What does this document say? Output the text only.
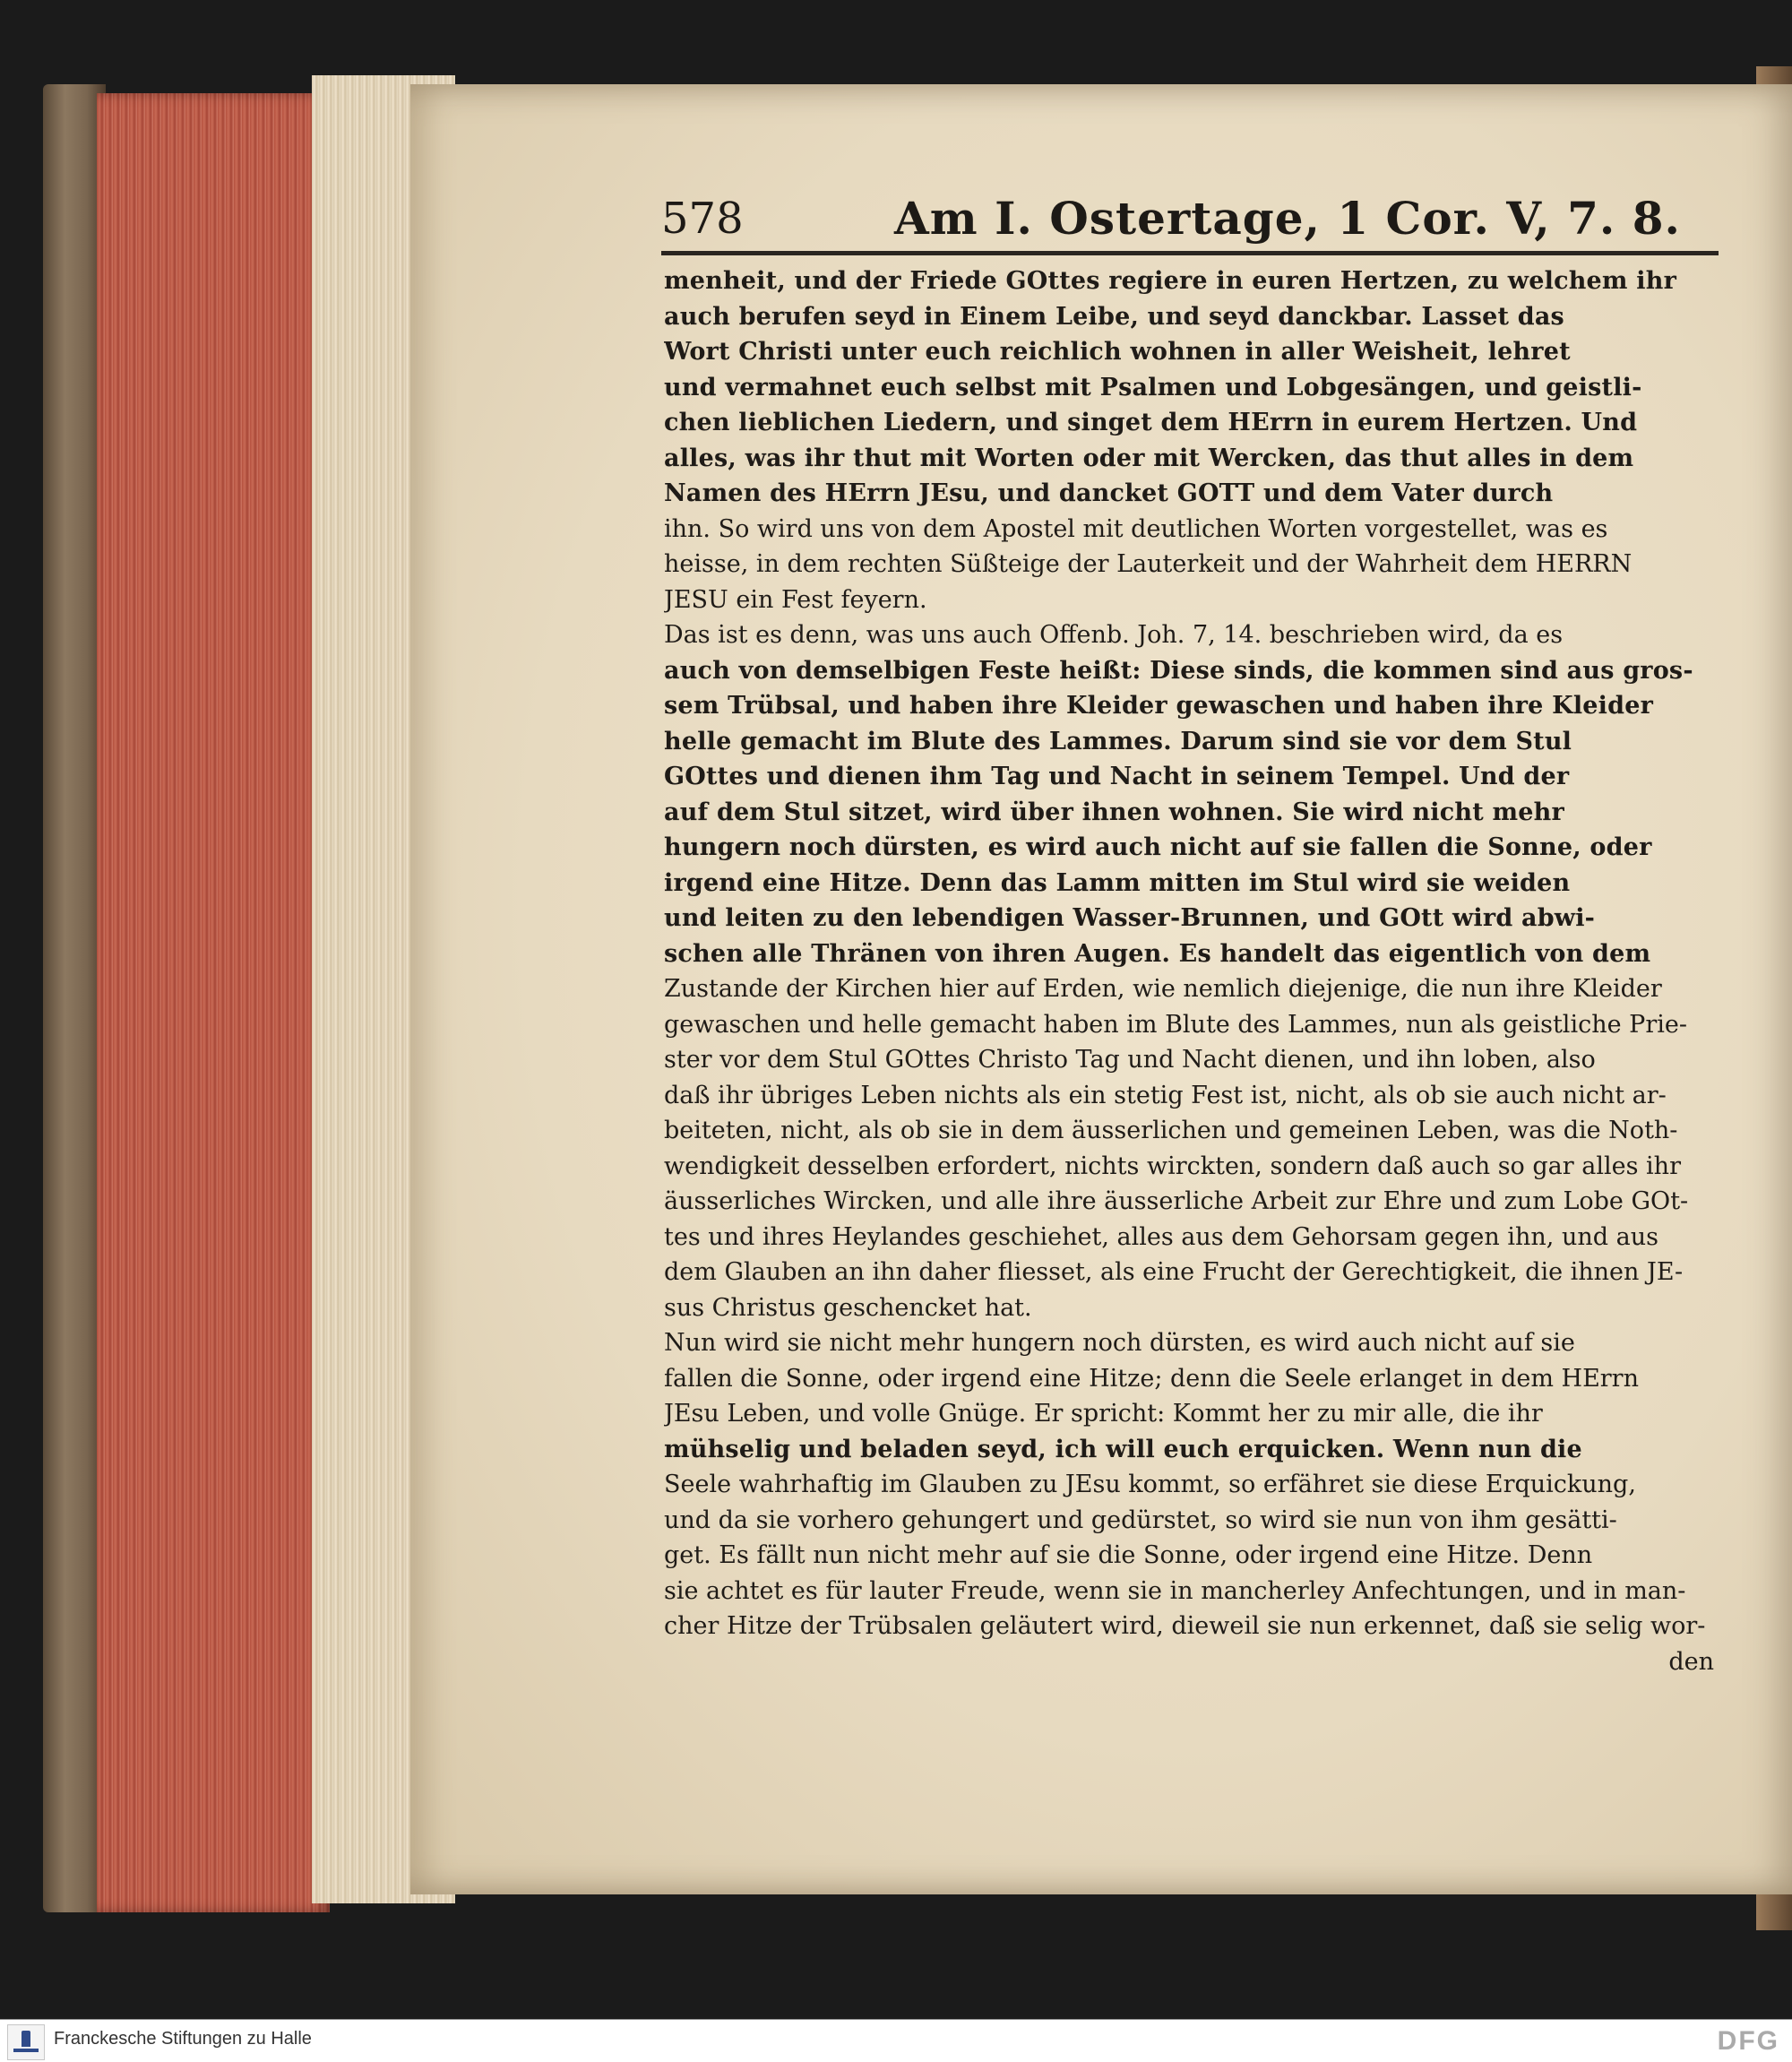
578	Am I. Ostertage, 1 Cor. V, 7. 8.
menheit, und der Friede GOttes regiere in euren Hertzen, zu welchem ihr
auch berufen seyd in Einem Leibe, und seyd danckbar. Lasset das
Wort Christi unter euch reichlich wohnen in aller Weisheit, lehret
und vermahnet euch selbst mit Psalmen und Lobgesängen, und geistli-
chen lieblichen Liedern, und singet dem HErrn in eurem Hertzen. Und
alles, was ihr thut mit Worten oder mit Wercken, das thut alles in dem
Namen des HErrn JEsu, und dancket GOTT und dem Vater durch
ihn. So wird uns von dem Apostel mit deutlichen Worten vorgestellet, was es
heisse, in dem rechten Süßteige der Lauterkeit und der Wahrheit dem HERRN
JESU ein Fest feyern.
Das ist es denn, was uns auch Offenb. Joh. 7, 14. beschrieben wird, da es
auch von demselbigen Feste heißt: Diese sinds, die kommen sind aus gros-
sem Trübsal, und haben ihre Kleider gewaschen und haben ihre Kleider
helle gemacht im Blute des Lammes. Darum sind sie vor dem Stul
GOttes und dienen ihm Tag und Nacht in seinem Tempel. Und der
auf dem Stul sitzet, wird über ihnen wohnen. Sie wird nicht mehr
hungern noch dürsten, es wird auch nicht auf sie fallen die Sonne, oder
irgend eine Hitze. Denn das Lamm mitten im Stul wird sie weiden
und leiten zu den lebendigen Wasser-Brunnen, und GOtt wird abwi-
schen alle Thränen von ihren Augen. Es handelt das eigentlich von dem
Zustande der Kirchen hier auf Erden, wie nemlich diejenige, die nun ihre Kleider
gewaschen und helle gemacht haben im Blute des Lammes, nun als geistliche Prie-
ster vor dem Stul GOttes Christo Tag und Nacht dienen, und ihn loben, also
daß ihr übriges Leben nichts als ein stetig Fest ist, nicht, als ob sie auch nicht ar-
beiteten, nicht, als ob sie in dem äusserlichen und gemeinen Leben, was die Noth-
wendigkeit desselben erfordert, nichts wirckten, sondern daß auch so gar alles ihr
äusserliches Wircken, und alle ihre äusserliche Arbeit zur Ehre und zum Lobe GOt-
tes und ihres Heylandes geschiehet, alles aus dem Gehorsam gegen ihn, und aus
dem Glauben an ihn daher fliesset, als eine Frucht der Gerechtigkeit, die ihnen JE-
sus Christus geschencket hat.
Nun wird sie nicht mehr hungern noch dürsten, es wird auch nicht auf sie
fallen die Sonne, oder irgend eine Hitze; denn die Seele erlanget in dem HErrn
JEsu Leben, und volle Gnüge. Er spricht: Kommt her zu mir alle, die ihr
mühselig und beladen seyd, ich will euch erquicken. Wenn nun die
Seele wahrhaftig im Glauben zu JEsu kommt, so erfähret sie diese Erquickung,
und da sie vorhero gehungert und gedürstet, so wird sie nun von ihm gesätti-
get. Es fällt nun nicht mehr auf sie die Sonne, oder irgend eine Hitze. Denn
sie achtet es für lauter Freude, wenn sie in mancherley Anfechtungen, und in man-
cher Hitze der Trübsalen geläutert wird, dieweil sie nun erkennet, daß sie selig wor-
den
Franckesche Stiftungen zu Halle	DFG
